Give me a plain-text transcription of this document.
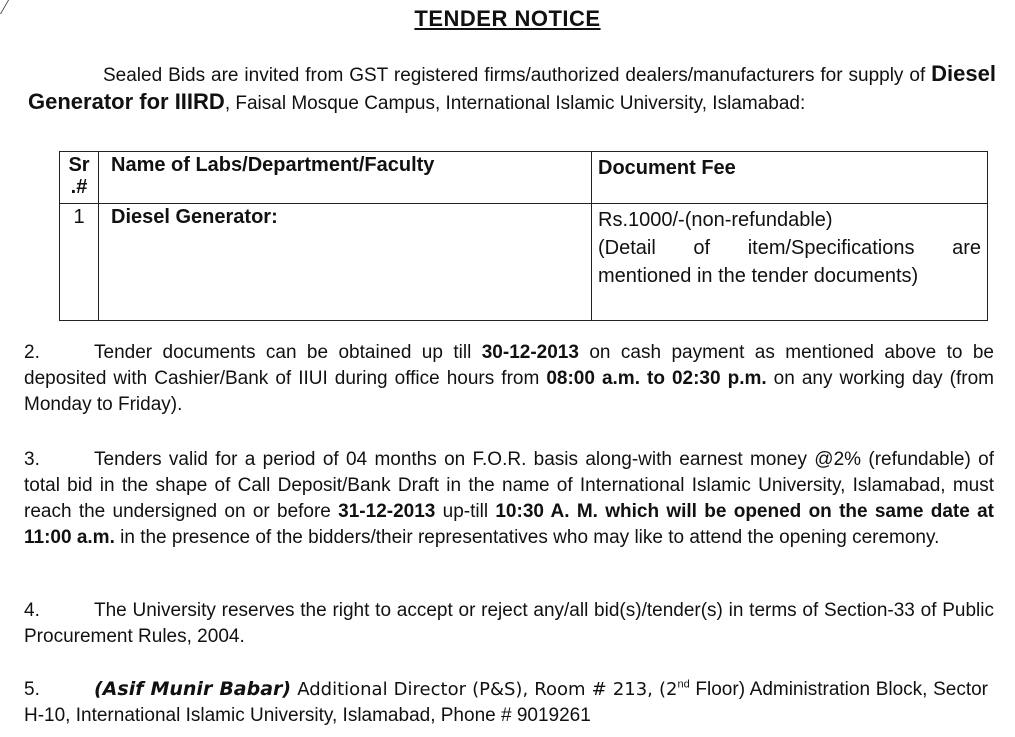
TENDER NOTICE
Sealed Bids are invited from GST registered firms/authorized dealers/manufacturers for supply of Diesel Generator for IIIRD, Faisal Mosque Campus, International Islamic University, Islamabad:
Sr .#	Name of Labs/Department/Faculty	Document Fee
1	Diesel Generator:	Rs.1000/-(non-refundable)
(Detail of item/Specifications are mentioned in the tender documents)
2.	Tender documents can be obtained up till 30-12-2013 on cash payment as mentioned above to be deposited with Cashier/Bank of IIUI during office hours from 08:00 a.m. to 02:30 p.m. on any working day (from Monday to Friday).
3.	Tenders valid for a period of 04 months on F.O.R. basis along-with earnest money @2% (refundable) of total bid in the shape of Call Deposit/Bank Draft in the name of International Islamic University, Islamabad, must reach the undersigned on or before 31-12-2013 up-till 10:30 A. M. which will be opened on the same date at 11:00 a.m. in the presence of the bidders/their representatives who may like to attend the opening ceremony.
4.	The University reserves the right to accept or reject any/all bid(s)/tender(s) in terms of Section-33 of Public Procurement Rules, 2004.
5.	(Asif Munir Babar) Additional Director (P&S), Room # 213, (2nd Floor) Administration Block, Sector H-10, International Islamic University, Islamabad, Phone # 9019261
